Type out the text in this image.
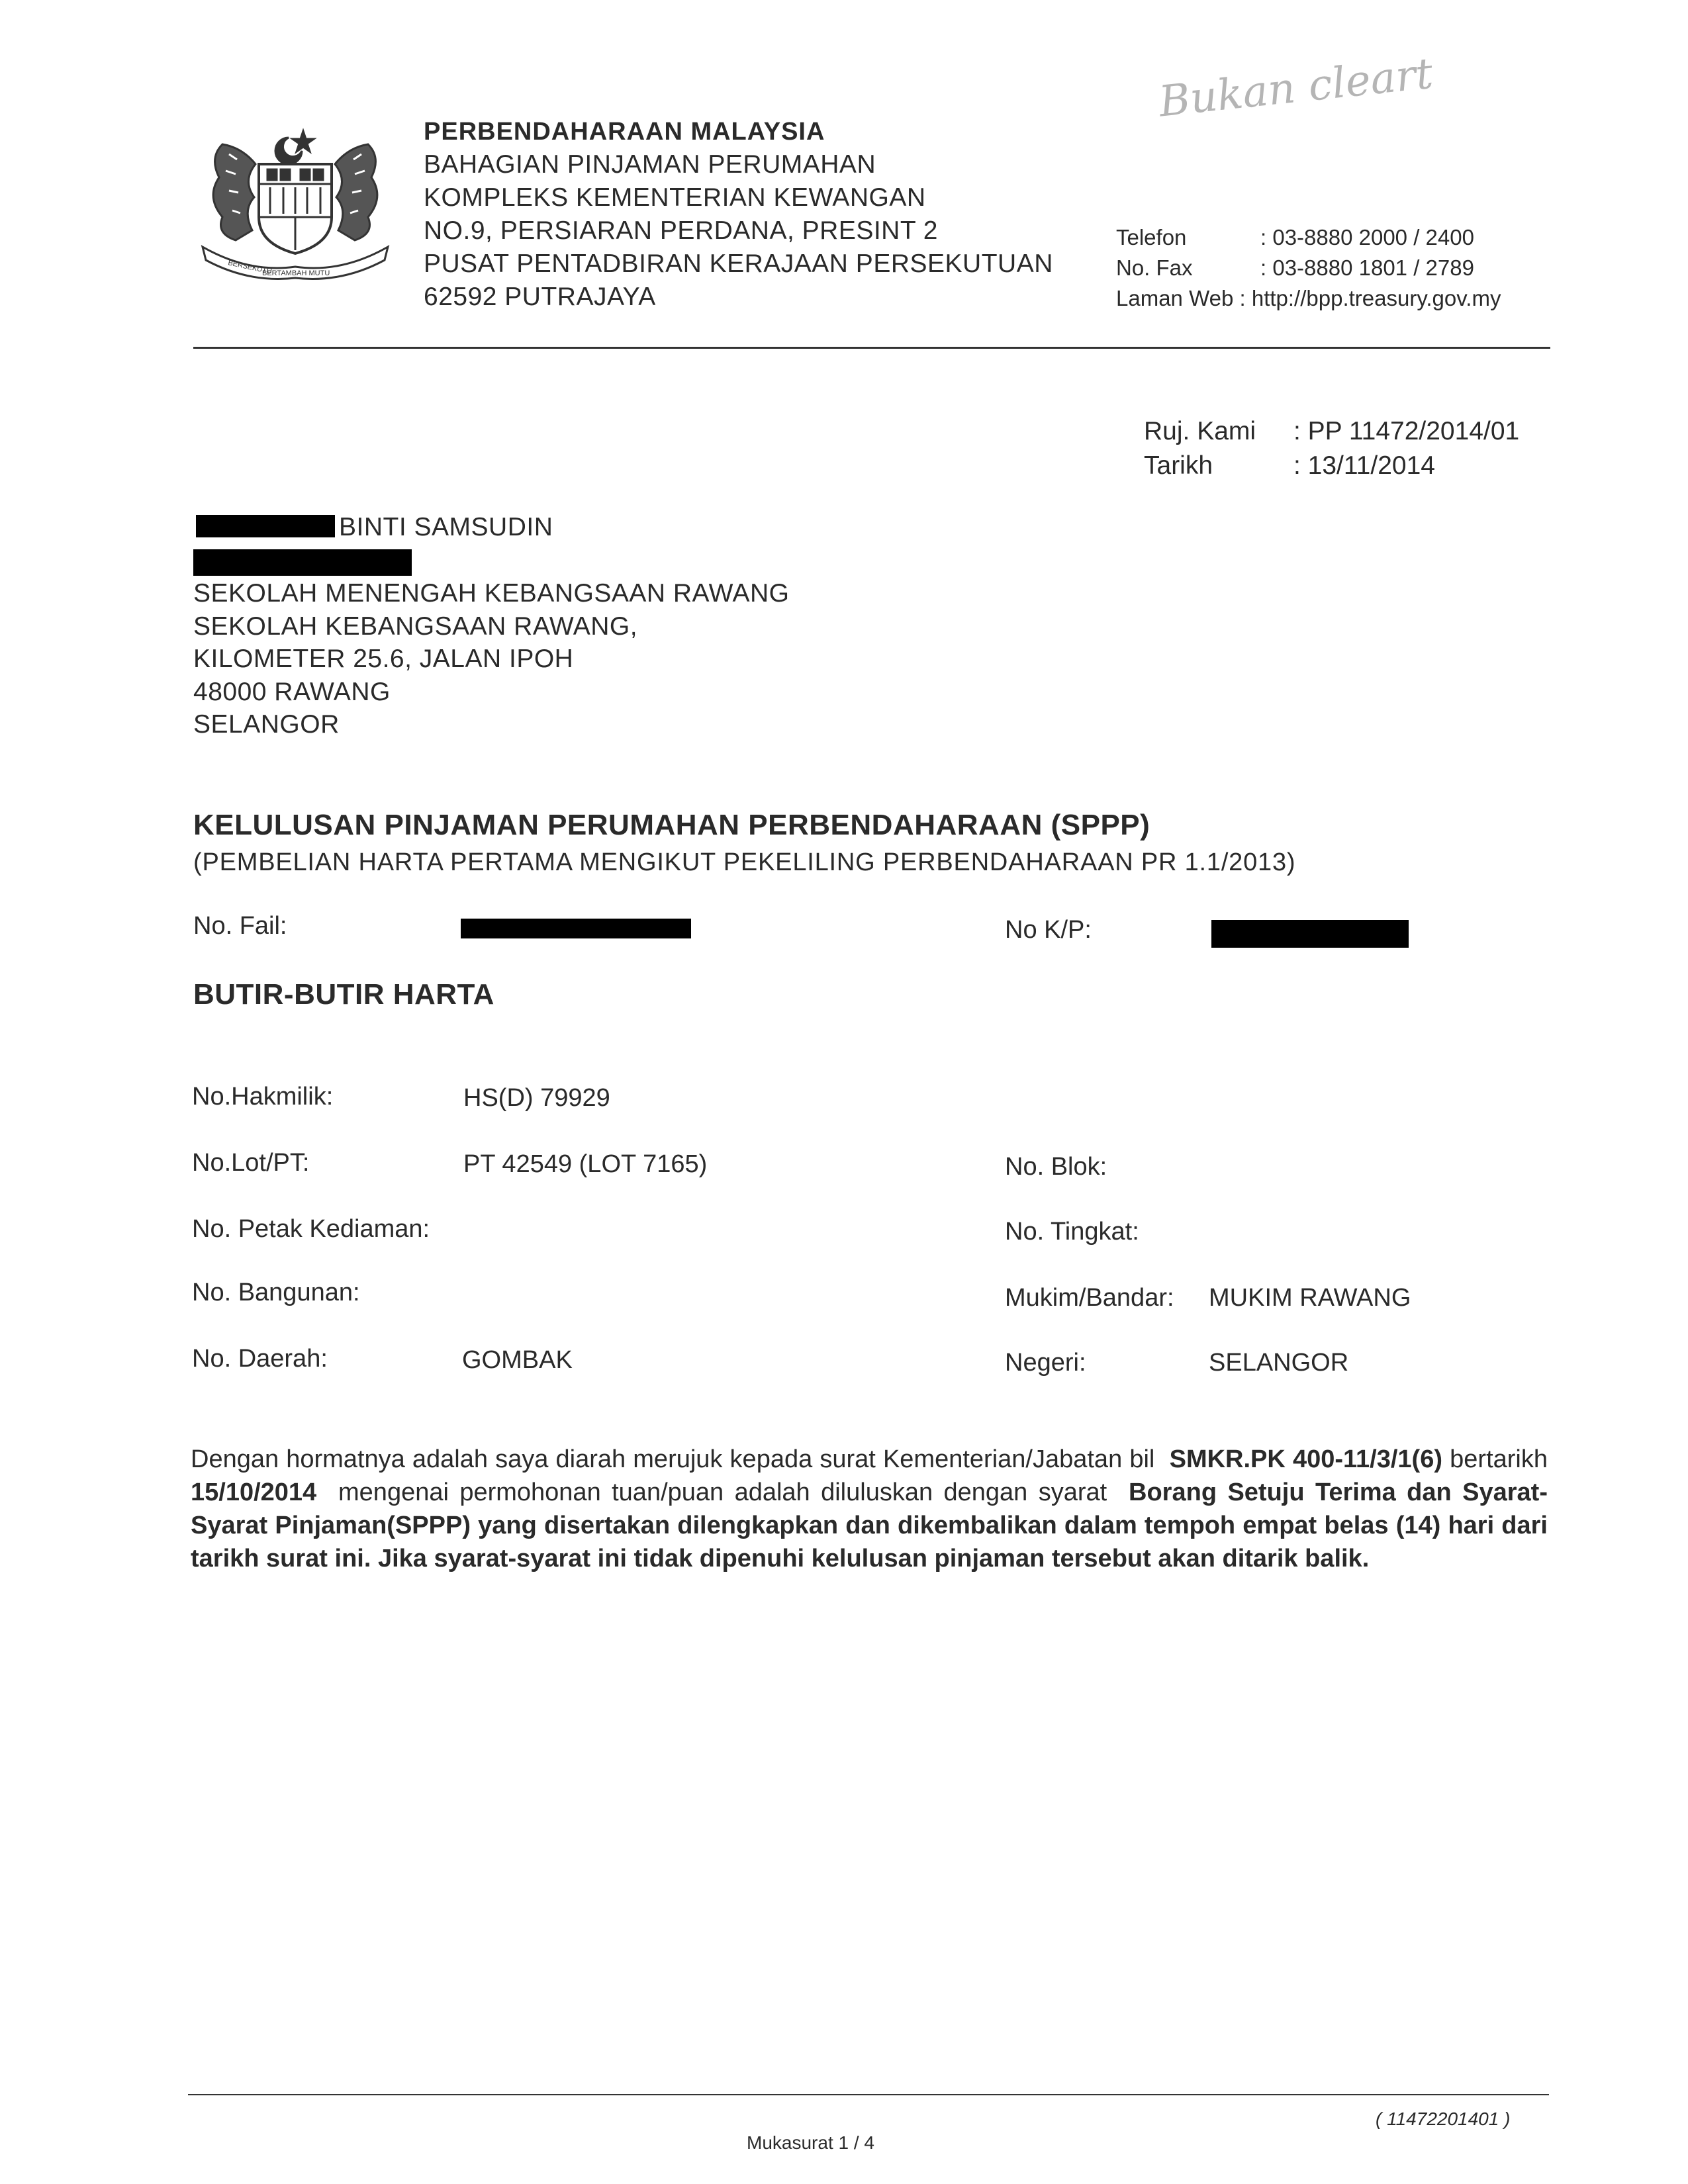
Bukan cleart
BERSEKUTU
BERTAMBAH MUTU
PERBENDAHARAAN MALAYSIA
BAHAGIAN PINJAMAN PERUMAHAN
KOMPLEKS KEMENTERIAN KEWANGAN
NO.9, PERSIARAN PERDANA, PRESINT 2
PUSAT PENTADBIRAN KERAJAAN PERSEKUTUAN
62592 PUTRAJAYA
Telefon	: 03-8880 2000 / 2400
No. Fax	: 03-8880 1801 / 2789
Laman Web : http://bpp.treasury.gov.my
Ruj. Kami : PP 11472/2014/01
Tarikh	: 13/11/2014
BINTI SAMSUDIN
SEKOLAH MENENGAH KEBANGSAAN RAWANG
SEKOLAH KEBANGSAAN RAWANG,
KILOMETER 25.6, JALAN IPOH
48000 RAWANG
SELANGOR
KELULUSAN PINJAMAN PERUMAHAN PERBENDAHARAAN (SPPP)
(PEMBELIAN HARTA PERTAMA MENGIKUT PEKELILING PERBENDAHARAAN PR 1.1/2013)
No. Fail:	No K/P:
BUTIR-BUTIR HARTA
No.Hakmilik:	HS(D) 79929
No.Lot/PT:	PT 42549 (LOT 7165)	No. Blok:
No. Petak Kediaman:	No. Tingkat:
No. Bangunan:	Mukim/Bandar: MUKIM RAWANG
No. Daerah:	GOMBAK	Negeri:	SELANGOR
Dengan hormatnya adalah saya diarah merujuk kepada surat Kementerian/Jabatan bil SMKR.PK 400-11/3/1(6) bertarikh 15/10/2014 mengenai permohonan tuan/puan adalah diluluskan dengan syarat Borang Setuju Terima dan Syarat-Syarat Pinjaman(SPPP) yang disertakan dilengkapkan dan dikembalikan dalam tempoh empat belas (14) hari dari tarikh surat ini. Jika syarat-syarat ini tidak dipenuhi kelulusan pinjaman tersebut akan ditarik balik.
( 11472201401 )
Mukasurat 1 / 4
